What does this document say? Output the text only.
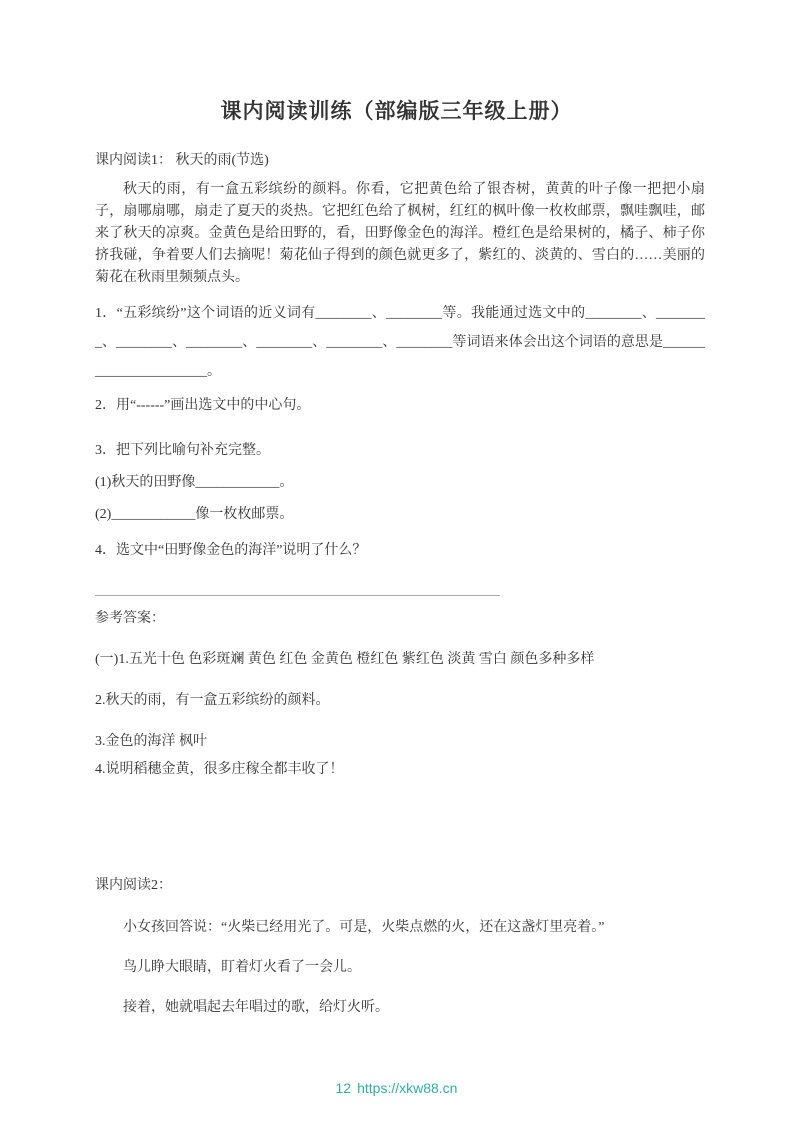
课内阅读训练（部编版三年级上册）

课内阅读1： 秋天的雨(节选)

秋天的雨，有一盒五彩缤纷的颜料。你看，它把黄色给了银杏树，黄黄的叶子像一把把小扇子，扇哪扇哪，扇走了夏天的炎热。它把红色给了枫树，红红的枫叶像一枚枚邮票，飘哇飘哇，邮来了秋天的凉爽。金黄色是给田野的，看，田野像金色的海洋。橙红色是给果树的，橘子、柿子你挤我碰，争着要人们去摘呢！菊花仙子得到的颜色就更多了，紫红的、淡黄的、雪白的……美丽的菊花在秋雨里频频点头。

1．“五彩缤纷”这个词语的近义词有________、________等。我能通过选文中的________、________、________、________、________、________、________等词语来体会出这个词语的意思是______________________。

2．用“------”画出选文中的中心句。

3．把下列比喻句补充完整。

(1)秋天的田野像____________。

(2)____________像一枚枚邮票。

4．选文中“田野像金色的海洋”说明了什么？

参考答案：

(一)1.五光十色 色彩斑斓 黄色 红色 金黄色 橙红色 紫红色 淡黄 雪白 颜色多种多样

2.秋天的雨，有一盒五彩缤纷的颜料。

3.金色的海洋 枫叶

4.说明稻穗金黄，很多庄稼全都丰收了！

课内阅读2：

小女孩回答说：“火柴已经用光了。可是，火柴点燃的火，还在这盏灯里亮着。”

鸟儿睁大眼睛，盯着灯火看了一会儿。

接着，她就唱起去年唱过的歌，给灯火听。

12 https://xkw88.cn
